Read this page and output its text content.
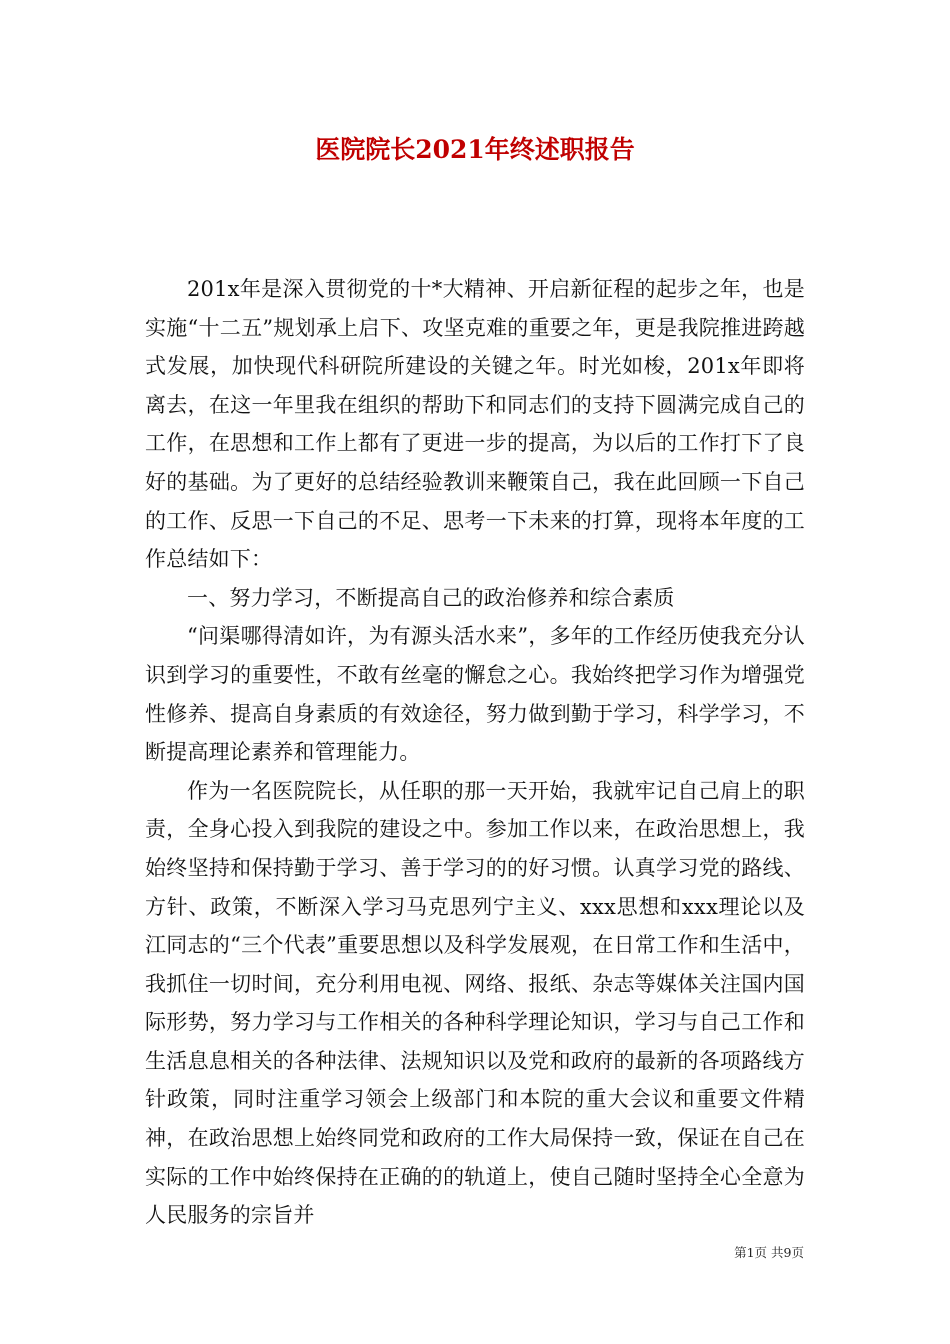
医院院长2021年终述职报告

201x年是深入贯彻党的十*大精神、开启新征程的起步之年，也是实施“十二五”规划承上启下、攻坚克难的重要之年，更是我院推进跨越式发展，加快现代科研院所建设的关键之年。时光如梭，201x年即将离去，在这一年里我在组织的帮助下和同志们的支持下圆满完成自己的工作，在思想和工作上都有了更进一步的提高，为以后的工作打下了良好的基础。为了更好的总结经验教训来鞭策自己，我在此回顾一下自己的工作、反思一下自己的不足、思考一下未来的打算，现将本年度的工作总结如下：

一、努力学习，不断提高自己的政治修养和综合素质

“问渠哪得清如许，为有源头活水来”，多年的工作经历使我充分认识到学习的重要性，不敢有丝毫的懈怠之心。我始终把学习作为增强党性修养、提高自身素质的有效途径，努力做到勤于学习，科学学习，不断提高理论素养和管理能力。

作为一名医院院长，从任职的那一天开始，我就牢记自己肩上的职责，全身心投入到我院的建设之中。参加工作以来，在政治思想上，我始终坚持和保持勤于学习、善于学习的的好习惯。认真学习党的路线、方针、政策，不断深入学习马克思列宁主义、xxx思想和xxx理论以及江同志的“三个代表”重要思想以及科学发展观，在日常工作和生活中，我抓住一切时间，充分利用电视、网络、报纸、杂志等媒体关注国内国际形势，努力学习与工作相关的各种科学理论知识，学习与自己工作和生活息息相关的各种法律、法规知识以及党和政府的最新的各项路线方针政策，同时注重学习领会上级部门和本院的重大会议和重要文件精神，在政治思想上始终同党和政府的工作大局保持一致，保证在自己在实际的工作中始终保持在正确的的轨道上，使自己随时坚持全心全意为人民服务的宗旨并

第1页 共9页
